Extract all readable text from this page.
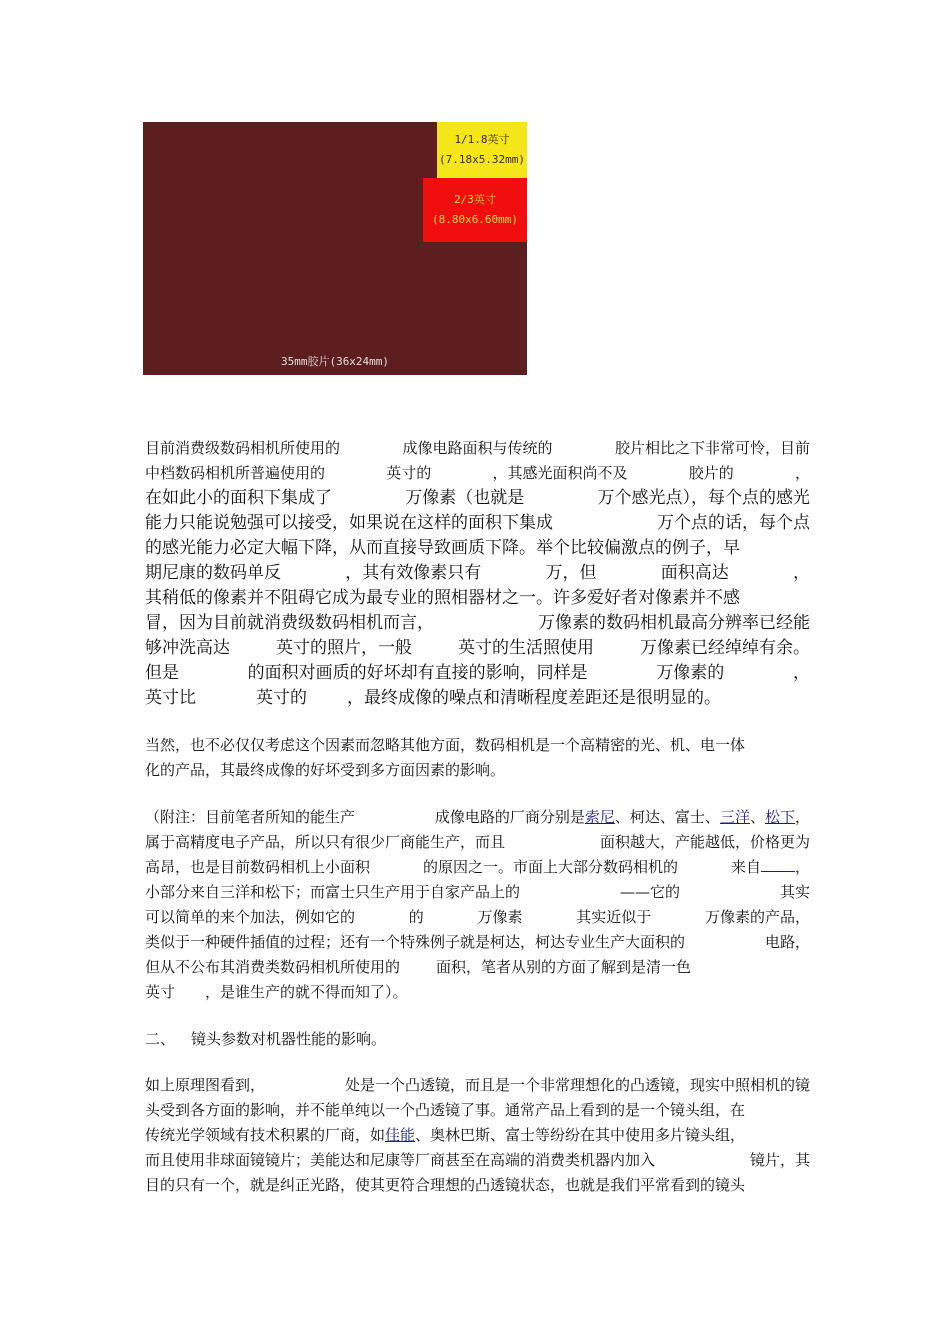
1/1.8英寸
(7.18x5.32mm)
2/3英寸
(8.80x6.60mm)
35mm胶片(36x24mm)
目前消费级数码相机所使用的	成像电路面积与传统的	胶片相比之下非常可怜，目前
中档数码相机所普遍使用的	英寸的	，其感光面积尚不及	胶片的	，
在如此小的面积下集成了	万像素（也就是	万个感光点），每个点的感光
能力只能说勉强可以接受，如果说在这样的面积下集成	万个点的话，每个点
的感光能力必定大幅下降，从而直接导致画质下降。举个比较偏激点的例子，早
期尼康的数码单反	，其有效像素只有	万，但	面积高达	，
其稍低的像素并不阻碍它成为最专业的照相器材之一。许多爱好者对像素并不感
冒，因为目前就消费级数码相机而言，	万像素的数码相机最高分辨率已经能
够冲洗高达	英寸的照片，一般	英寸的生活照使用	万像素已经绰绰有余。
但是	的面积对画质的好坏却有直接的影响，同样是	万像素的	，
英寸比	英寸的 ，最终成像的噪点和清晰程度差距还是很明显的。
当然，也不必仅仅考虑这个因素而忽略其他方面，数码相机是一个高精密的光、机、电一体
化的产品，其最终成像的好坏受到多方面因素的影响。
（附注：目前笔者所知的能生产	成像电路的厂商分别是索尼、柯达、富士、三洋、松下，
属于高精度电子产品，所以只有很少厂商能生产，而且	面积越大，产能越低，价格更为
高昂，也是目前数码相机上小面积	的原因之一。市面上大部分数码相机的	来自 ，
小部分来自三洋和松下；而富士只生产用于自家产品上的	——它的	其实
可以简单的来个加法，例如它的	的	万像素	其实近似于	万像素的产品，
类似于一种硬件插值的过程；还有一个特殊例子就是柯达，柯达专业生产大面积的	电路，
但从不公布其消费类数码相机所使用的 面积，笔者从别的方面了解到是清一色
英寸 ，是谁生产的就不得而知了）。
二、 镜头参数对机器性能的影响。
如上原理图看到，	处是一个凸透镜，而且是一个非常理想化的凸透镜，现实中照相机的镜
头受到各方面的影响，并不能单纯以一个凸透镜了事。通常产品上看到的是一个镜头组，在
传统光学领域有技术积累的厂商，如 佳能 、奥林巴斯、富士等纷纷在其中使用多片镜头组，
而且使用非球面镜镜片；美能达和尼康等厂商甚至在高端的消费类机器内加入	镜片，其
目的只有一个，就是纠正光路，使其更符合理想的凸透镜状态，也就是我们平常看到的镜头
